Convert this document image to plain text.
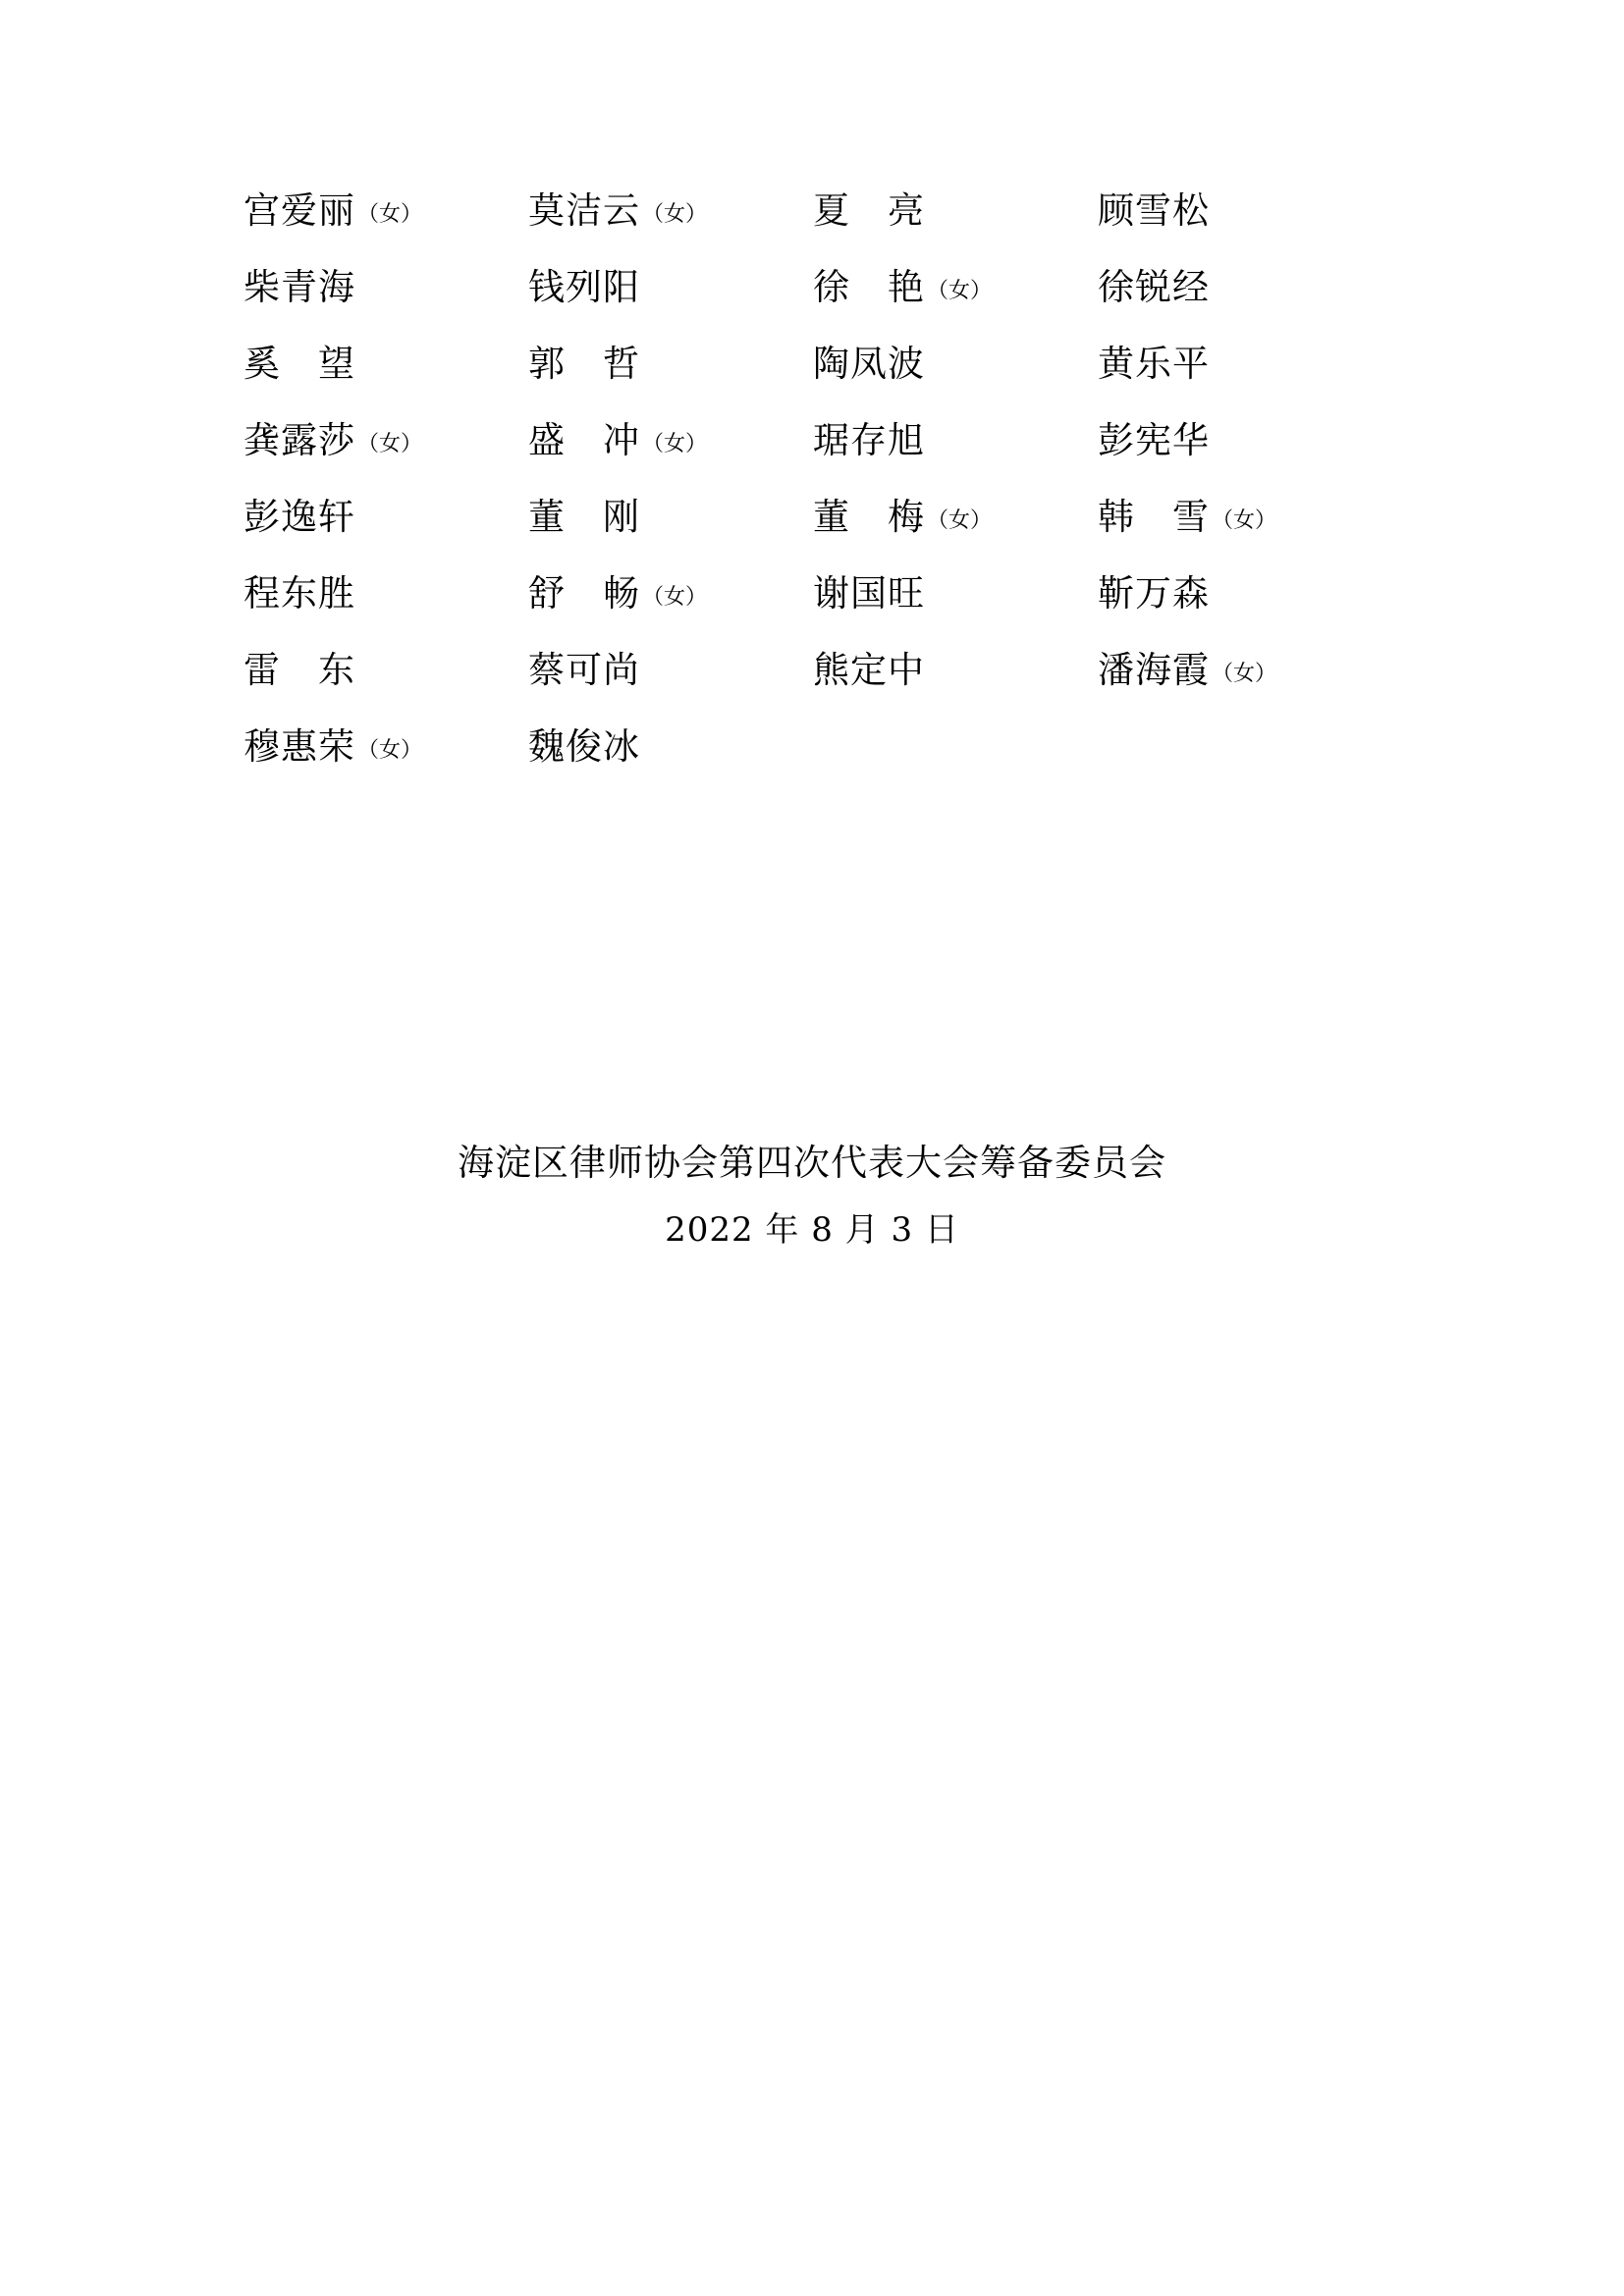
宫爱丽 （女）	莫洁云 （女）	夏　亮	顾雪松
柴青海	钱列阳	徐　艳 （女）	徐锐经
奚　望	郭　哲	陶凤波	黄乐平
龚露莎 （女）	盛　冲 （女）	琚存旭	彭宪华
彭逸轩	董　刚	董　梅 （女）	韩　雪 （女）
程东胜	舒　畅 （女）	谢国旺	靳万森
雷　东	蔡可尚	熊定中	潘海霞 （女）
穆惠荣 （女）	魏俊冰
海淀区律师协会第四次代表大会筹备委员会
2022 年 8 月 3 日
